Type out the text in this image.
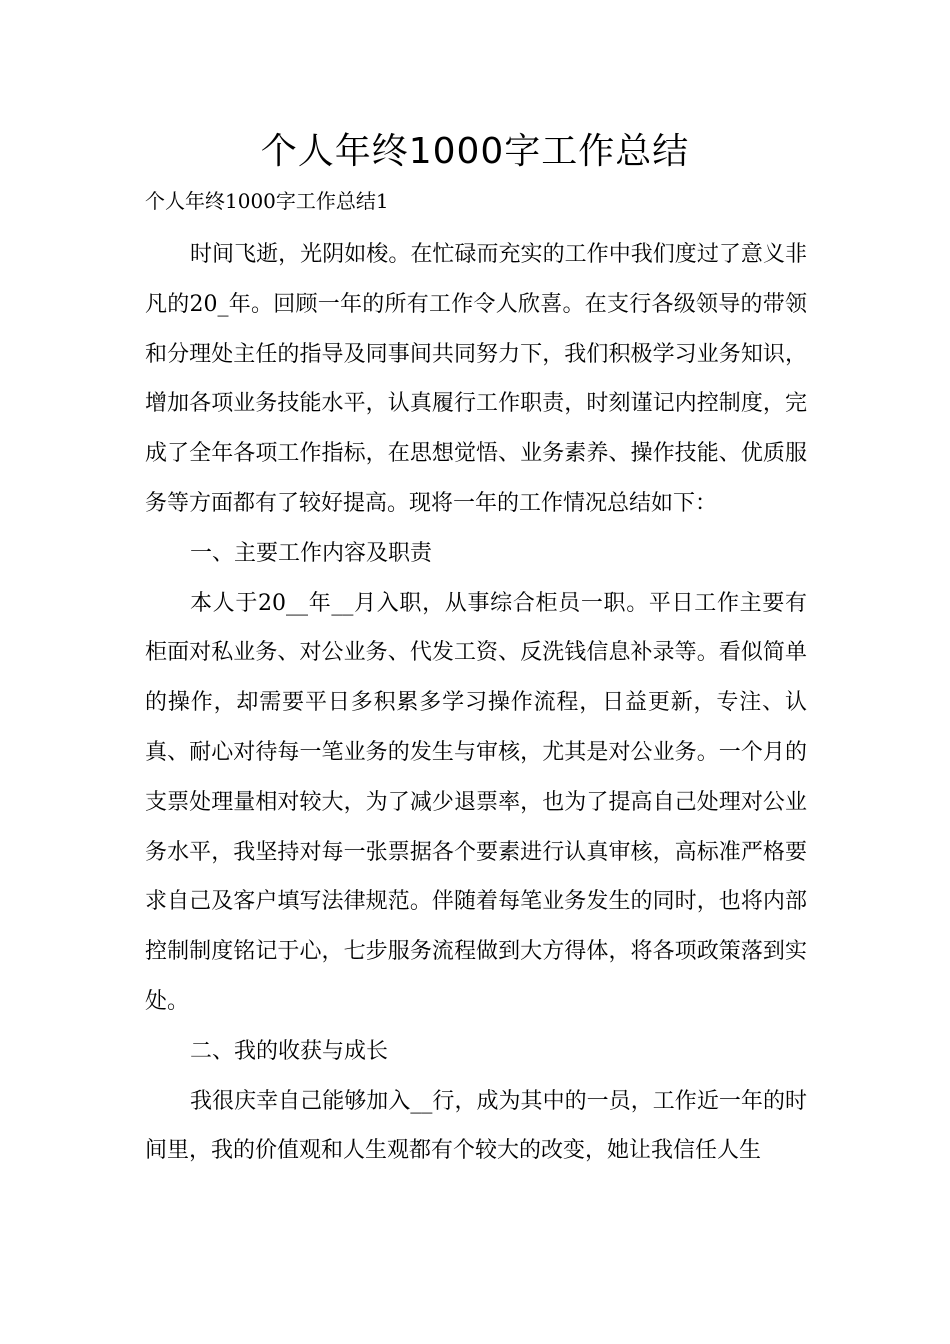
个人年终1000字工作总结

个人年终1000字工作总结1

时间飞逝，光阴如梭。在忙碌而充实的工作中我们度过了意义非凡的20_年。回顾一年的所有工作令人欣喜。在支行各级领导的带领和分理处主任的指导及同事间共同努力下，我们积极学习业务知识，增加各项业务技能水平，认真履行工作职责，时刻谨记内控制度，完成了全年各项工作指标，在思想觉悟、业务素养、操作技能、优质服务等方面都有了较好提高。现将一年的工作情况总结如下：

一、主要工作内容及职责

本人于20__年__月入职，从事综合柜员一职。平日工作主要有柜面对私业务、对公业务、代发工资、反洗钱信息补录等。看似简单的操作，却需要平日多积累多学习操作流程，日益更新，专注、认真、耐心对待每一笔业务的发生与审核，尤其是对公业务。一个月的支票处理量相对较大，为了减少退票率，也为了提高自己处理对公业务水平，我坚持对每一张票据各个要素进行认真审核，高标准严格要求自己及客户填写法律规范。伴随着每笔业务发生的同时，也将内部控制制度铭记于心，七步服务流程做到大方得体，将各项政策落到实处。

二、我的收获与成长

我很庆幸自己能够加入__行，成为其中的一员，工作近一年的时间里，我的价值观和人生观都有个较大的改变，她让我信任人生
